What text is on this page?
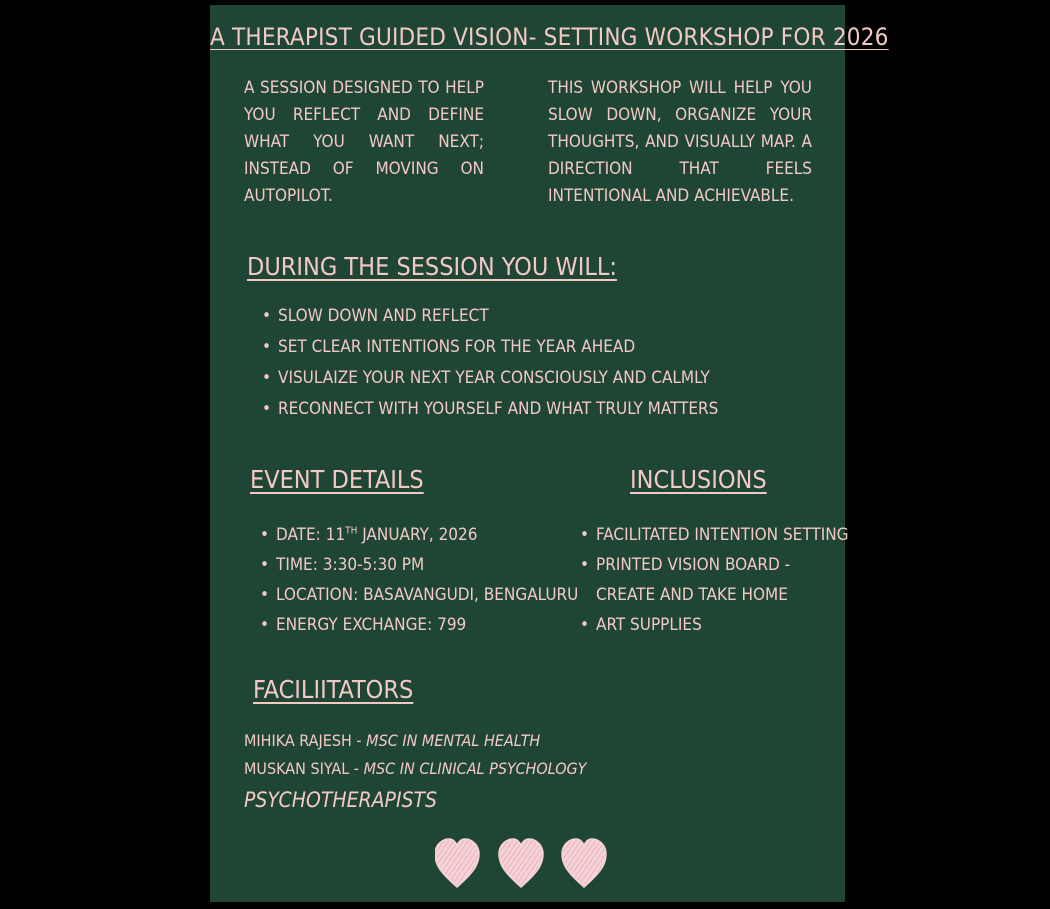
A THERAPIST GUIDED VISION- SETTING WORKSHOP FOR 2026
A SESSION DESIGNED TO HELP YOU REFLECT AND DEFINE WHAT YOU WANT NEXT; INSTEAD OF MOVING ON AUTOPILOT.
THIS WORKSHOP WILL HELP YOU SLOW DOWN, ORGANIZE YOUR THOUGHTS, AND VISUALLY MAP. A DIRECTION THAT FEELS INTENTIONAL AND ACHIEVABLE.
DURING THE SESSION YOU WILL:
• SLOW DOWN AND REFLECT
• SET CLEAR INTENTIONS FOR THE YEAR AHEAD
• VISULAIZE YOUR NEXT YEAR CONSCIOUSLY AND CALMLY
• RECONNECT WITH YOURSELF AND WHAT TRULY MATTERS
EVENT DETAILS
• DATE: 11TH JANUARY, 2026
• TIME: 3:30-5:30 PM
• LOCATION: BASAVANGUDI, BENGALURU
• ENERGY EXCHANGE: 799
INCLUSIONS
• FACILITATED INTENTION SETTING
• PRINTED VISION BOARD - CREATE AND TAKE HOME
• ART SUPPLIES
FACILIITATORS
MIHIKA RAJESH - MSC IN MENTAL HEALTH
MUSKAN SIYAL - MSC IN CLINICAL PSYCHOLOGY
PSYCHOTHERAPISTS
